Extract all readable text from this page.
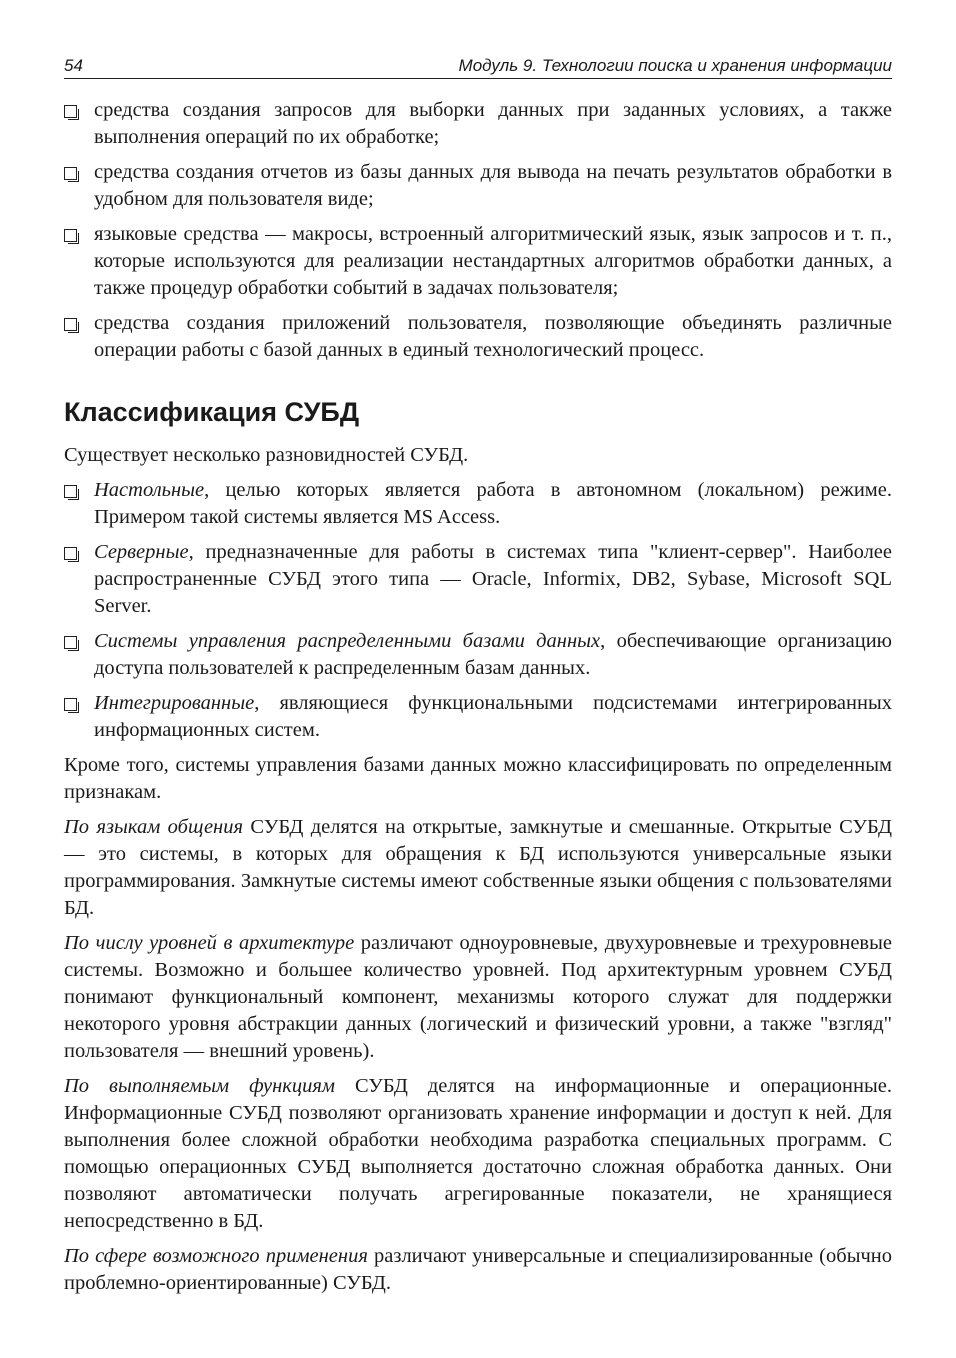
54	Модуль 9. Технологии поиска и хранения информации

средства создания запросов для выборки данных при заданных условиях, а также выполнения операций по их обработке;

средства создания отчетов из базы данных для вывода на печать результатов обработки в удобном для пользователя виде;

языковые средства — макросы, встроенный алгоритмический язык, язык запросов и т. п., которые используются для реализации нестандартных алгоритмов обработки данных, а также процедур обработки событий в задачах пользователя;

средства создания приложений пользователя, позволяющие объединять различные операции работы с базой данных в единый технологический процесс.

Классификация СУБД

Существует несколько разновидностей СУБД.

Настольные, целью которых является работа в автономном (локальном) режиме. Примером такой системы является MS Access.

Серверные, предназначенные для работы в системах типа "клиент-сервер". Наиболее распространенные СУБД этого типа — Oracle, Informix, DB2, Sybase, Microsoft SQL Server.

Системы управления распределенными базами данных, обеспечивающие организацию доступа пользователей к распределенным базам данных.

Интегрированные, являющиеся функциональными подсистемами интегрированных информационных систем.

Кроме того, системы управления базами данных можно классифицировать по определенным признакам.

По языкам общения СУБД делятся на открытые, замкнутые и смешанные. Открытые СУБД — это системы, в которых для обращения к БД используются универсальные языки программирования. Замкнутые системы имеют собственные языки общения с пользователями БД.

По числу уровней в архитектуре различают одноуровневые, двухуровневые и трехуровневые системы. Возможно и большее количество уровней. Под архитектурным уровнем СУБД понимают функциональный компонент, механизмы которого служат для поддержки некоторого уровня абстракции данных (логический и физический уровни, а также "взгляд" пользователя — внешний уровень).

По выполняемым функциям СУБД делятся на информационные и операционные. Информационные СУБД позволяют организовать хранение информации и доступ к ней. Для выполнения более сложной обработки необходима разработка специальных программ. С помощью операционных СУБД выполняется достаточно сложная обработка данных. Они позволяют автоматически получать агрегированные показатели, не хранящиеся непосредственно в БД.

По сфере возможного применения различают универсальные и специализированные (обычно проблемно-ориентированные) СУБД.
